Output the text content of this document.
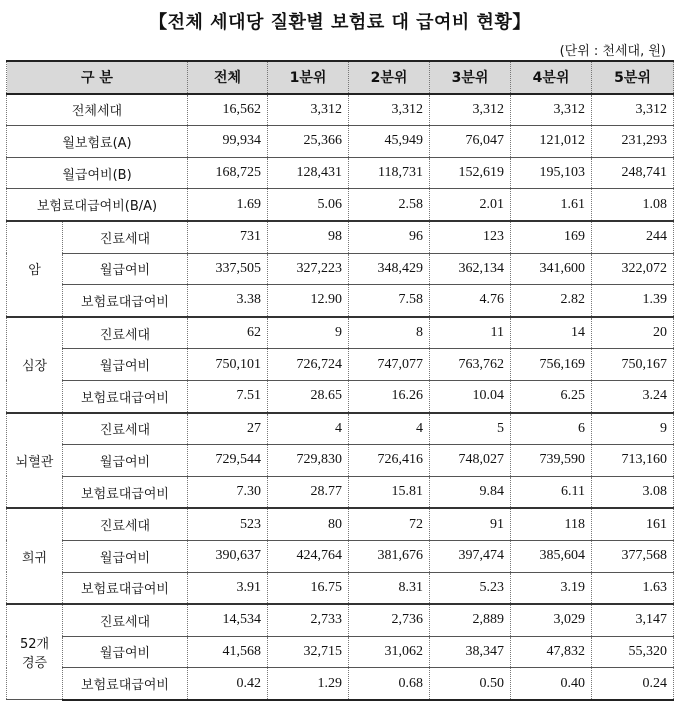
【전체 세대당 질환별 보험료 대 급여비 현황】
(단위 : 천세대, 원)
구 분		전체	1분위	2분위	3분위	4분위	5분위
전체세대		16,562	3,312	3,312	3,312	3,312	3,312
월보험료(A)		99,934	25,366	45,949	76,047	121,012	231,293
월급여비(B)		168,725	128,431	118,731	152,619	195,103	248,741
보험료대급여비(B/A)		1.69	5.06	2.58	2.01	1.61	1.08
암	진료세대	731	98	96	123	169	244
	월급여비	337,505	327,223	348,429	362,134	341,600	322,072
	보험료대급여비	3.38	12.90	7.58	4.76	2.82	1.39
심장	진료세대	62	9	8	11	14	20
	월급여비	750,101	726,724	747,077	763,762	756,169	750,167
	보험료대급여비	7.51	28.65	16.26	10.04	6.25	3.24
뇌혈관	진료세대	27	4	4	5	6	9
	월급여비	729,544	729,830	726,416	748,027	739,590	713,160
	보험료대급여비	7.30	28.77	15.81	9.84	6.11	3.08
희귀	진료세대	523	80	72	91	118	161
	월급여비	390,637	424,764	381,676	397,474	385,604	377,568
	보험료대급여비	3.91	16.75	8.31	5.23	3.19	1.63
52개
경증	진료세대	14,534	2,733	2,736	2,889	3,029	3,147
	월급여비	41,568	32,715	31,062	38,347	47,832	55,320
	보험료대급여비	0.42	1.29	0.68	0.50	0.40	0.24
